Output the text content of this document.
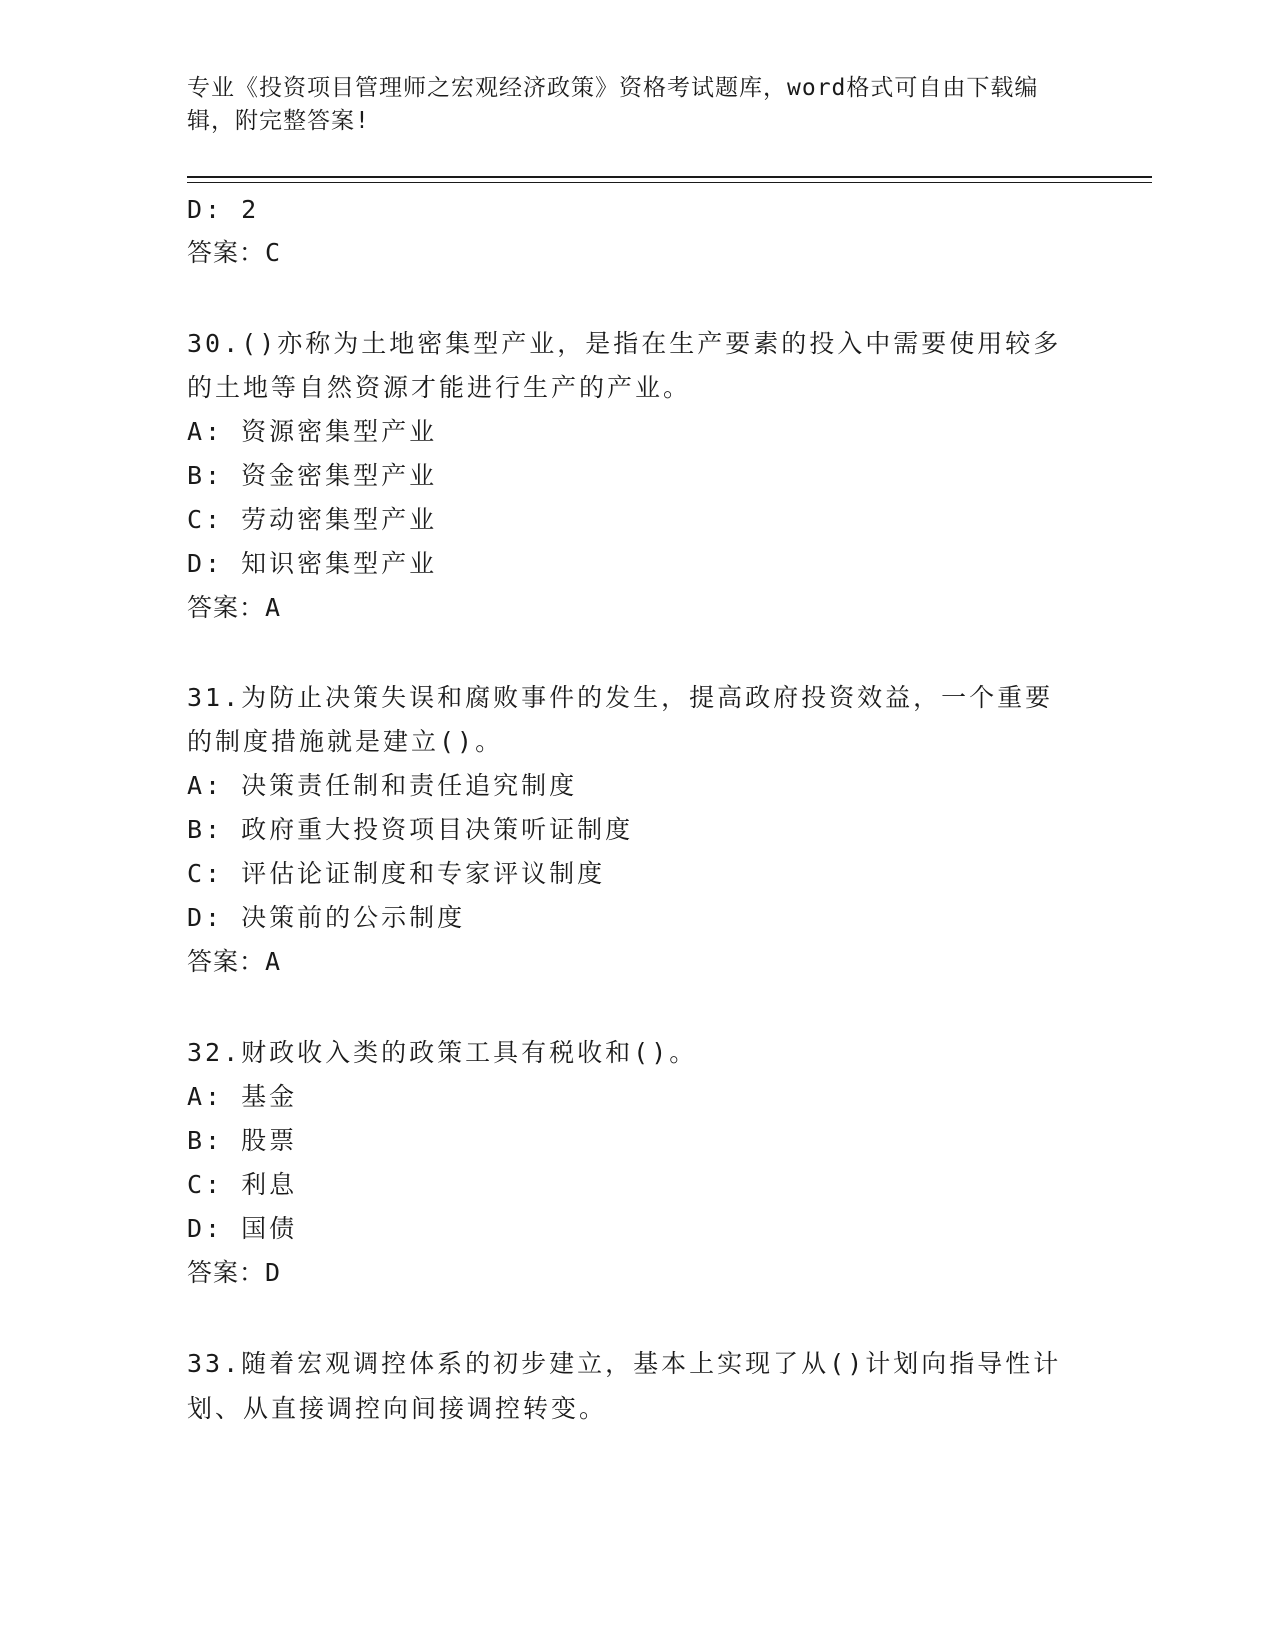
专业《投资项目管理师之宏观经济政策》资格考试题库，word格式可自由下载编
辑，附完整答案!
D: 2
答案：C
30.()亦称为土地密集型产业，是指在生产要素的投入中需要使用较多
的土地等自然资源才能进行生产的产业。
A: 资源密集型产业
B: 资金密集型产业
C: 劳动密集型产业
D: 知识密集型产业
答案：A
31.为防止决策失误和腐败事件的发生，提高政府投资效益，一个重要
的制度措施就是建立()。
A: 决策责任制和责任追究制度
B: 政府重大投资项目决策听证制度
C: 评估论证制度和专家评议制度
D: 决策前的公示制度
答案：A
32.财政收入类的政策工具有税收和()。
A: 基金
B: 股票
C: 利息
D: 国债
答案：D
33.随着宏观调控体系的初步建立，基本上实现了从()计划向指导性计
划、从直接调控向间接调控转变。
